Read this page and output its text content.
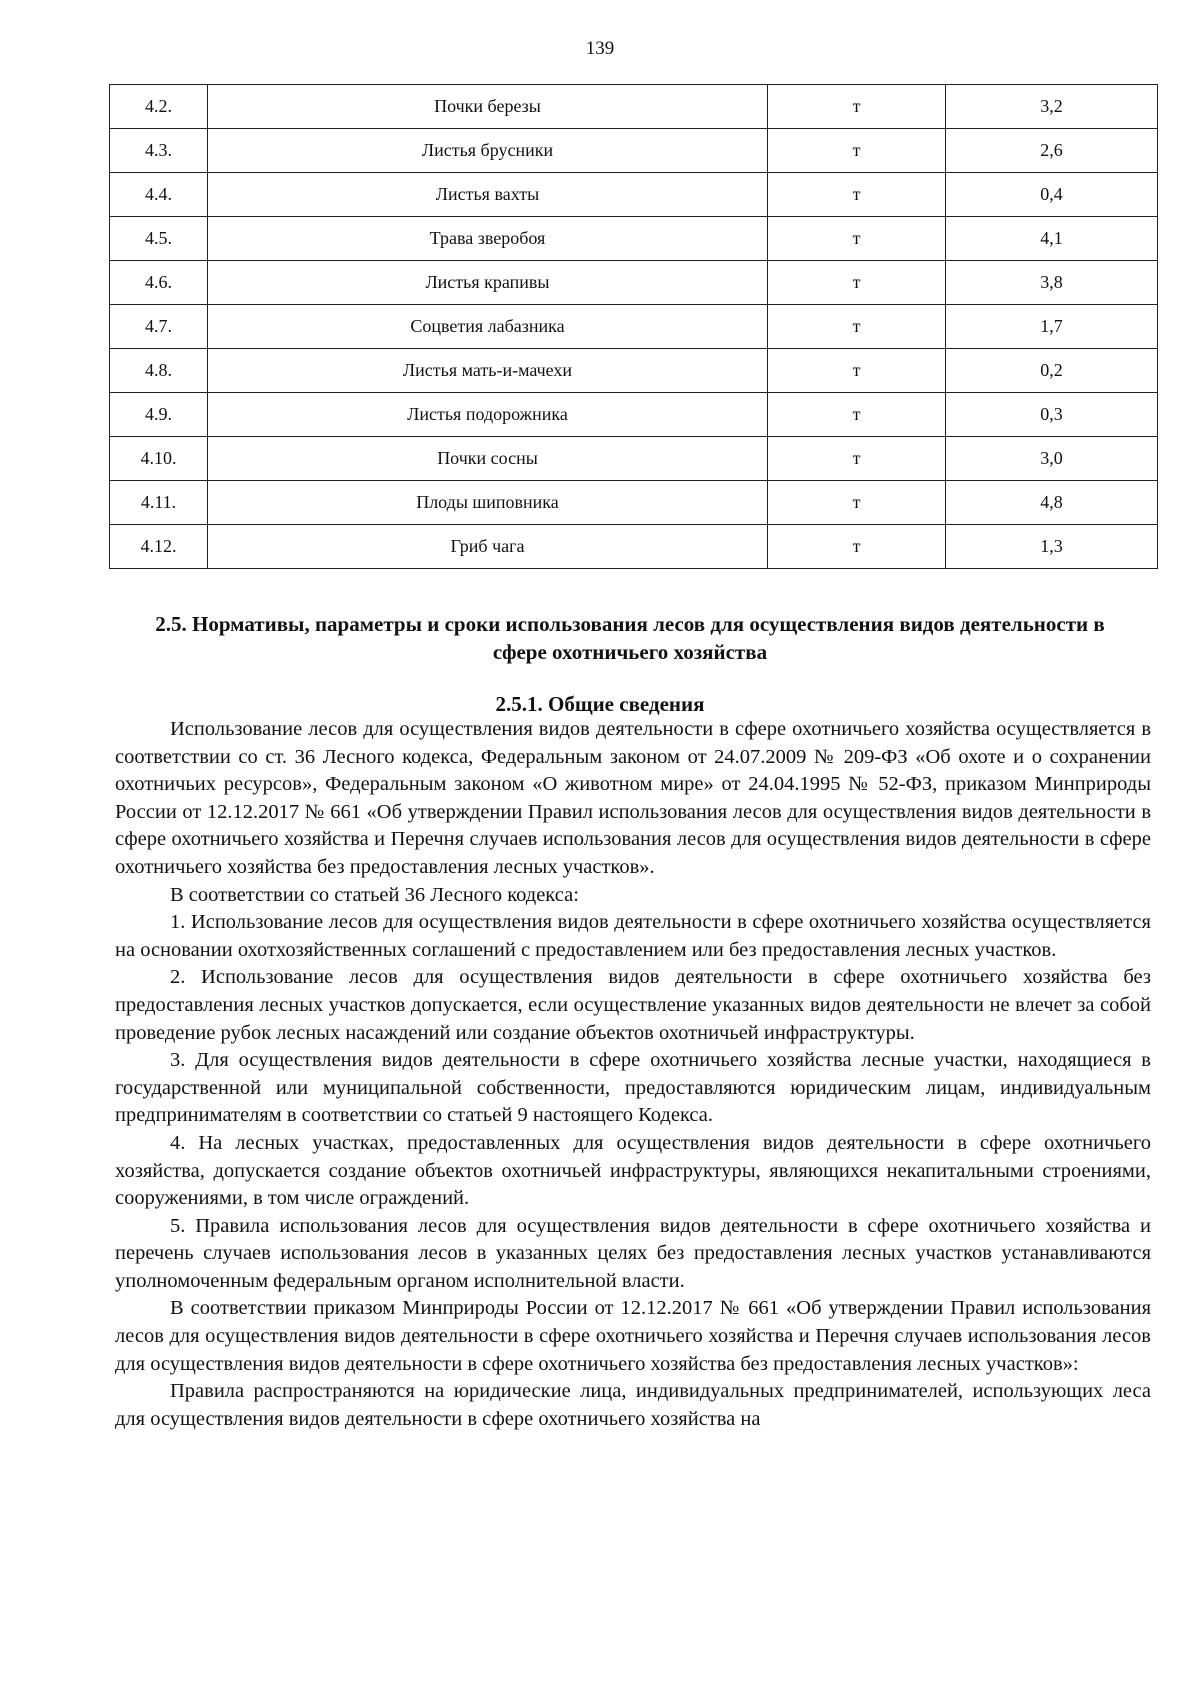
139
4.2.	Почки березы	т	3,2
4.3.	Листья брусники	т	2,6
4.4.	Листья вахты	т	0,4
4.5.	Трава зверобоя	т	4,1
4.6.	Листья крапивы	т	3,8
4.7.	Соцветия лабазника	т	1,7
4.8.	Листья мать-и-мачехи	т	0,2
4.9.	Листья подорожника	т	0,3
4.10.	Почки сосны	т	3,0
4.11.	Плоды шиповника	т	4,8
4.12.	Гриб чага	т	1,3
2.5. Нормативы, параметры и сроки использования лесов для осуществления видов деятельности в сфере охотничьего хозяйства
2.5.1. Общие сведения

Использование лесов для осуществления видов деятельности в сфере охотничьего хозяйства осуществляется в соответствии со ст. 36 Лесного кодекса, Федеральным законом от 24.07.2009 № 209-ФЗ «Об охоте и о сохранении охотничьих ресурсов», Федеральным законом «О животном мире» от 24.04.1995 № 52-ФЗ, приказом Минприроды России от 12.12.2017 № 661 «Об утверждении Правил использования лесов для осуществления видов деятельности в сфере охотничьего хозяйства и Перечня случаев использования лесов для осуществления видов деятельности в сфере охотничьего хозяйства без предоставления лесных участков».

В соответствии со статьей 36 Лесного кодекса:

1. Использование лесов для осуществления видов деятельности в сфере охотничьего хозяйства осуществляется на основании охотхозяйственных соглашений с предоставлением или без предоставления лесных участков.

2. Использование лесов для осуществления видов деятельности в сфере охотничьего хозяйства без предоставления лесных участков допускается, если осуществление указанных видов деятельности не влечет за собой проведение рубок лесных насаждений или создание объектов охотничьей инфраструктуры.

3. Для осуществления видов деятельности в сфере охотничьего хозяйства лесные участки, находящиеся в государственной или муниципальной собственности, предоставляются юридическим лицам, индивидуальным предпринимателям в соответствии со статьей 9 настоящего Кодекса.

4. На лесных участках, предоставленных для осуществления видов деятельности в сфере охотничьего хозяйства, допускается создание объектов охотничьей инфраструктуры, являющихся некапитальными строениями, сооружениями, в том числе ограждений.

5. Правила использования лесов для осуществления видов деятельности в сфере охотничьего хозяйства и перечень случаев использования лесов в указанных целях без предоставления лесных участков устанавливаются уполномоченным федеральным органом исполнительной власти.

В соответствии приказом Минприроды России от 12.12.2017 № 661 «Об утверждении Правил использования лесов для осуществления видов деятельности в сфере охотничьего хозяйства и Перечня случаев использования лесов для осуществления видов деятельности в сфере охотничьего хозяйства без предоставления лесных участков»:

Правила распространяются на юридические лица, индивидуальных предпринимателей, использующих леса для осуществления видов деятельности в сфере охотничьего хозяйства на
